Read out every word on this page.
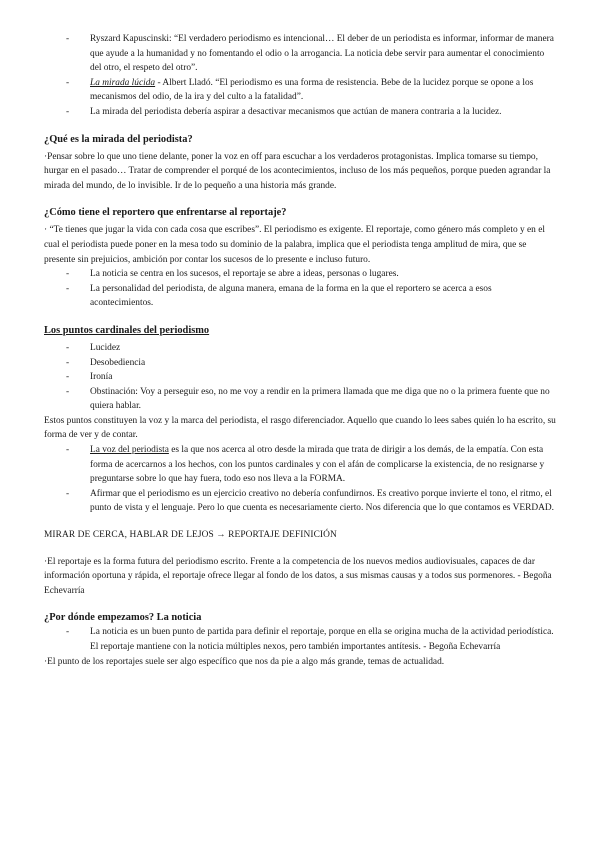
- Ryszard Kapuscinski: “El verdadero periodismo es intencional… El deber de un periodista es informar, informar de manera que ayude a la humanidad y no fomentando el odio o la arrogancia. La noticia debe servir para aumentar el conocimiento del otro, el respeto del otro”.
- La mirada lúcida - Albert Lladó. “El periodismo es una forma de resistencia. Bebe de la lucidez porque se opone a los mecanismos del odio, de la ira y del culto a la fatalidad”.
- La mirada del periodista debería aspirar a desactivar mecanismos que actúan de manera contraria a la lucidez.

¿Qué es la mirada del periodista?

·Pensar sobre lo que uno tiene delante, poner la voz en off para escuchar a los verdaderos protagonistas. Implica tomarse su tiempo, hurgar en el pasado… Tratar de comprender el porqué de los acontecimientos, incluso de los más pequeños, porque pueden agrandar la mirada del mundo, de lo invisible. Ir de lo pequeño a una historia más grande.

¿Cómo tiene el reportero que enfrentarse al reportaje?

· “Te tienes que jugar la vida con cada cosa que escribes”. El periodismo es exigente. El reportaje, como género más completo y en el cual el periodista puede poner en la mesa todo su dominio de la palabra, implica que el periodista tenga amplitud de mira, que se presente sin prejuicios, ambición por contar los sucesos de lo presente e incluso futuro.

- La noticia se centra en los sucesos, el reportaje se abre a ideas, personas o lugares.
- La personalidad del periodista, de alguna manera, emana de la forma en la que el reportero se acerca a esos acontecimientos.

Los puntos cardinales del periodismo

- Lucidez
- Desobediencia
- Ironía
- Obstinación: Voy a perseguir eso, no me voy a rendir en la primera llamada que me diga que no o la primera fuente que no quiera hablar.

Estos puntos constituyen la voz y la marca del periodista, el rasgo diferenciador. Aquello que cuando lo lees sabes quién lo ha escrito, su forma de ver y de contar.

- La voz del periodista es la que nos acerca al otro desde la mirada que trata de dirigir a los demás, de la empatía. Con esta forma de acercarnos a los hechos, con los puntos cardinales y con el afán de complicarse la existencia, de no resignarse y preguntarse sobre lo que hay fuera, todo eso nos lleva a la FORMA.
- Afirmar que el periodismo es un ejercicio creativo no debería confundirnos. Es creativo porque invierte el tono, el ritmo, el punto de vista y el lenguaje. Pero lo que cuenta es necesariamente cierto. Nos diferencia que lo que contamos es VERDAD.

MIRAR DE CERCA, HABLAR DE LEJOS → REPORTAJE DEFINICIÓN

·El reportaje es la forma futura del periodismo escrito. Frente a la competencia de los nuevos medios audiovisuales, capaces de dar información oportuna y rápida, el reportaje ofrece llegar al fondo de los datos, a sus mismas causas y a todos sus pormenores. - Begoña Echevarría

¿Por dónde empezamos? La noticia

- La noticia es un buen punto de partida para definir el reportaje, porque en ella se origina mucha de la actividad periodística. El reportaje mantiene con la noticia múltiples nexos, pero también importantes antítesis. - Begoña Echevarría

·El punto de los reportajes suele ser algo específico que nos da pie a algo más grande, temas de actualidad.
